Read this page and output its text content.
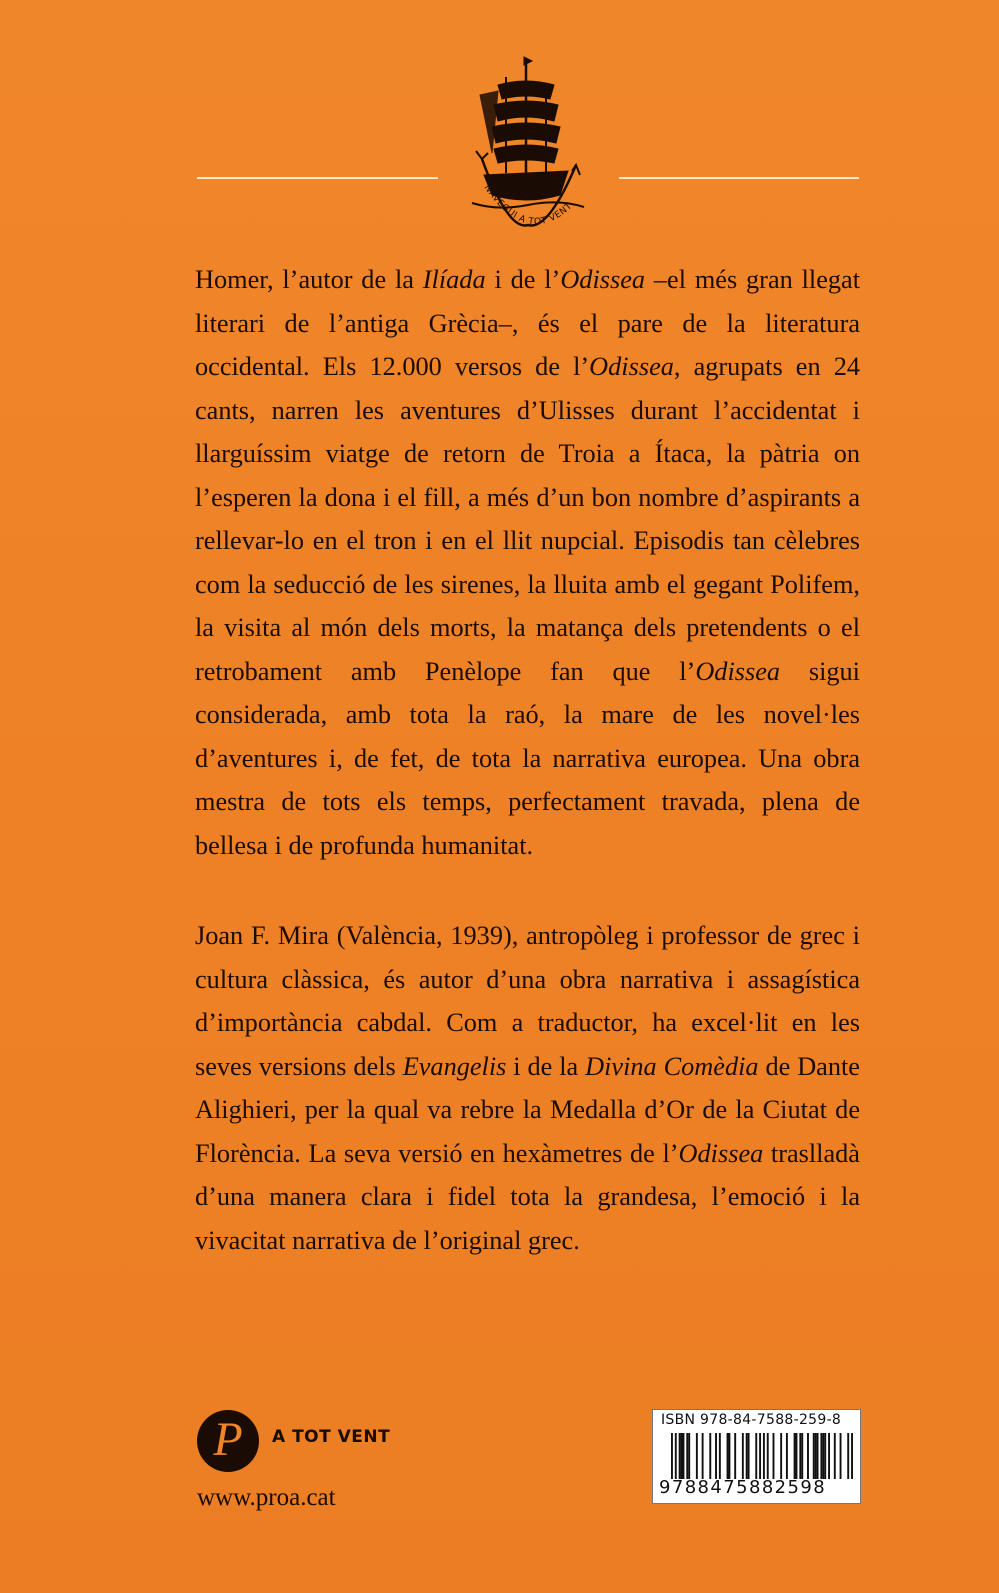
NAVEGUI A TOT VENT

Homer, l’autor de la Ilíada i de l’Odissea –el més gran llegat literari de l’antiga Grècia–, és el pare de la literatura occidental. Els 12.000 versos de l’Odissea, agrupats en 24 cants, narren les aventures d’Ulisses durant l’accidentat i llarguíssim viatge de retorn de Troia a Ítaca, la pàtria on l’esperen la dona i el fill, a més d’un bon nombre d’aspirants a rellevar-lo en el tron i en el llit nupcial. Episodis tan cèlebres com la seducció de les sirenes, la lluita amb el gegant Polifem, la visita al món dels morts, la matança dels pretendents o el retrobament amb Penèlope fan que l’Odissea sigui considerada, amb tota la raó, la mare de les novel·les d’aventures i, de fet, de tota la narrativa europea. Una obra mestra de tots els temps, perfectament travada, plena de bellesa i de profunda humanitat.

Joan F. Mira (València, 1939), antropòleg i professor de grec i cultura clàssica, és autor d’una obra narrativa i assagística d’importància cabdal. Com a traductor, ha excel·lit en les seves versions dels Evangelis i de la Divina Comèdia de Dante Alighieri, per la qual va rebre la Medalla d’Or de la Ciutat de Florència. La seva versió en hexàmetres de l’Odissea traslladà d’una manera clara i fidel tota la grandesa, l’emoció i la vivacitat narrativa de l’original grec.

P	A TOT VENT
www.proa.cat
ISBN 978-84-7588-259-8
9788475882598
